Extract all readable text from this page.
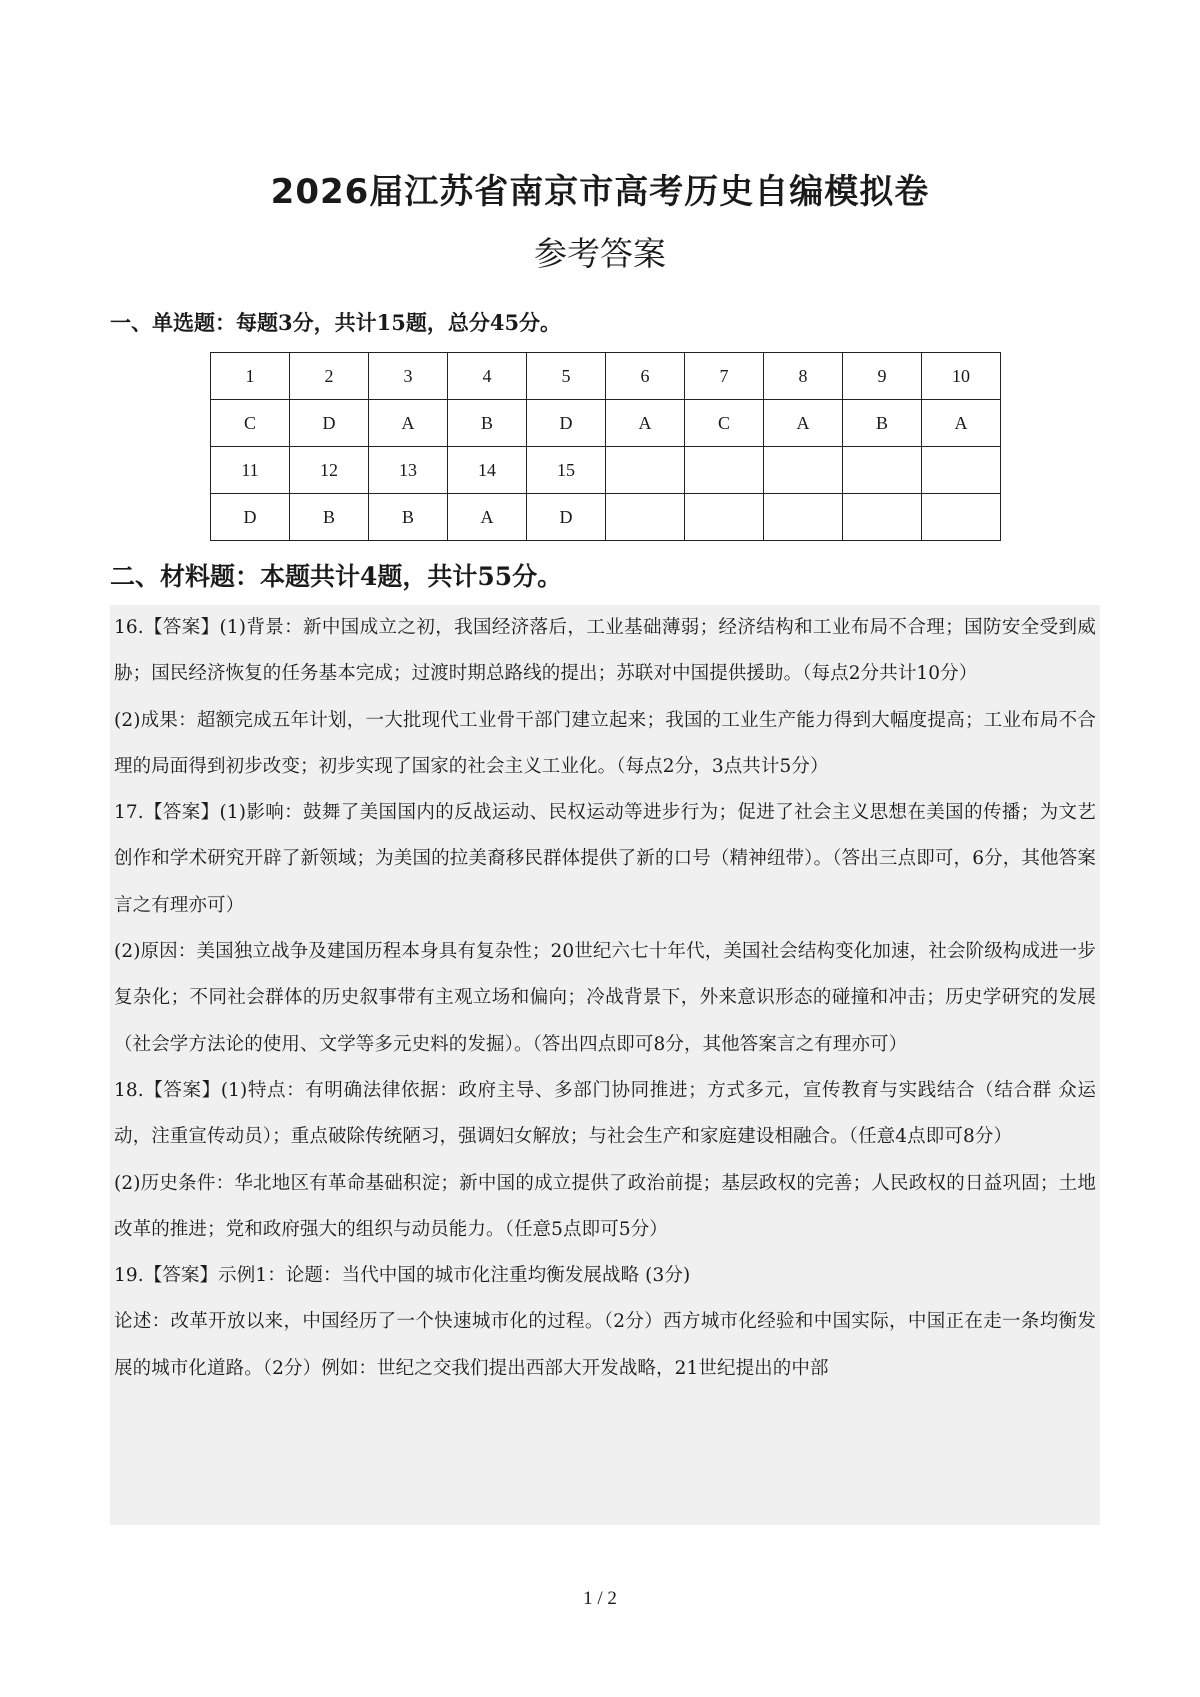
2026届江苏省南京市高考历史自编模拟卷
参考答案
一、单选题：每题3分，共计15题，总分45分。
1	2	3	4	5	6	7	8	9	10
C	D	A	B	D	A	C	A	B	A
11	12	13	14	15					
D	B	B	A	D					
二、材料题：本题共计4题，共计55分。

16.【答案】(1)背景：新中国成立之初，我国经济落后，工业基础薄弱；经济结构和工业布局不合理；国防安全受到威胁；国民经济恢复的任务基本完成；过渡时期总路线的提出；苏联对中国提供援助。（每点2分共计10分）

(2)成果：超额完成五年计划，一大批现代工业骨干部门建立起来；我国的工业生产能力得到大幅度提高；工业布局不合理的局面得到初步改变；初步实现了国家的社会主义工业化。（每点2分，3点共计5分）

17.【答案】(1)影响：鼓舞了美国国内的反战运动、民权运动等进步行为；促进了社会主义思想在美国的传播；为文艺创作和学术研究开辟了新领域；为美国的拉美裔移民群体提供了新的口号（精神纽带）。（答出三点即可，6分，其他答案言之有理亦可）

(2)原因：美国独立战争及建国历程本身具有复杂性；20世纪六七十年代，美国社会结构变化加速，社会阶级构成进一步复杂化；不同社会群体的历史叙事带有主观立场和偏向；冷战背景下，外来意识形态的碰撞和冲击；历史学研究的发展（社会学方法论的使用、文学等多元史料的发掘）。（答出四点即可8分，其他答案言之有理亦可）

18.【答案】(1)特点：有明确法律依据：政府主导、多部门协同推进；方式多元，宣传教育与实践结合（结合群 众运动，注重宣传动员）；重点破除传统陋习，强调妇女解放；与社会生产和家庭建设相融合。（任意4点即可8分）

(2)历史条件：华北地区有革命基础积淀；新中国的成立提供了政治前提；基层政权的完善；人民政权的日益巩固；土地改革的推进；党和政府强大的组织与动员能力。（任意5点即可5分）

19.【答案】示例1：论题：当代中国的城市化注重均衡发展战略 (3分)

论述：改革开放以来，中国经历了一个快速城市化的过程。（2分）西方城市化经验和中国实际，中国正在走一条均衡发展的城市化道路。（2分）例如：世纪之交我们提出西部大开发战略，21世纪提出的中部

1 / 2
